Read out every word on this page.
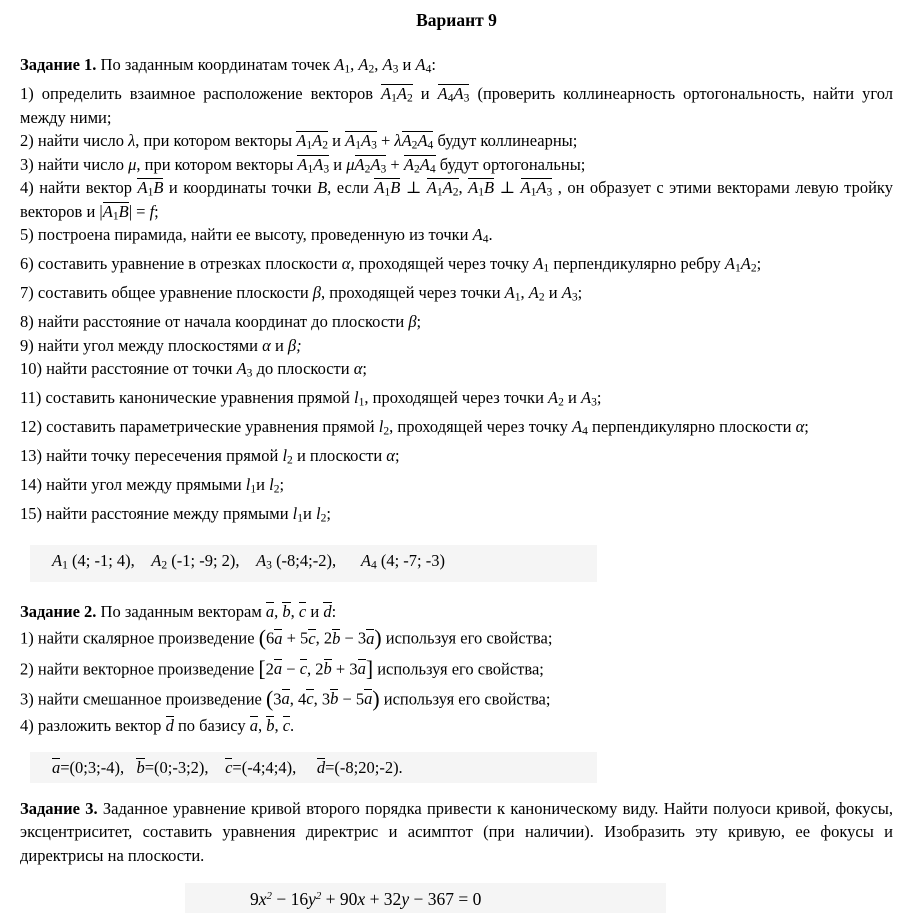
Вариант 9

Задание 1. По заданным координатам точек A1, A2, A3 и A4:

1) определить взаимное расположение векторов A1A2 и A4A3 (проверить коллинеарность ортогональность, найти угол между ними;

2) найти число λ, при котором векторы A1A2 и A1A3 + λA2A4 будут коллинеарны;

3) найти число μ, при котором векторы A1A3 и μA2A3 + A2A4 будут ортогональны;

4) найти вектор A1B и координаты точки B, если A1B ⊥ A1A2, A1B ⊥ A1A3 , он образует с этими векторами левую тройку векторов и |A1B| = f;

5) построена пирамида, найти ее высоту, проведенную из точки A4.

6) составить уравнение в отрезках плоскости α, проходящей через точку A1 перпендикулярно ребру A1A2;

7) составить общее уравнение плоскости β, проходящей через точки A1, A2 и A3;

8) найти расстояние от начала координат до плоскости β;

9) найти угол между плоскостями α и β;

10) найти расстояние от точки A3 до плоскости α;

11) составить канонические уравнения прямой l1, проходящей через точки A2 и A3;

12) составить параметрические уравнения прямой l2, проходящей через точку A4 перпендикулярно плоскости α;

13) найти точку пересечения прямой l2 и плоскости α;

14) найти угол между прямыми l1и l2;

15) найти расстояние между прямыми l1и l2;

A1 (4; -1; 4),    A2 (-1; -9; 2),    A3 (-8;4;-2),      A4 (4; -7; -3)

Задание 2. По заданным векторам a, b, c и d:

1) найти скалярное произведение (6a + 5c, 2b − 3a) используя его свойства;

2) найти векторное произведение [2a − c, 2b + 3a] используя его свойства;

3) найти смешанное произведение (3a, 4c, 3b − 5a) используя его свойства;

4) разложить вектор d по базису a, b, c.

a=(0;3;-4),   b=(0;-3;2),    c=(-4;4;4),     d=(-8;20;-2).

Задание 3. Заданное уравнение кривой второго порядка привести к каноническому виду. Найти полуоси кривой, фокусы, эксцентриситет, составить уравнения директрис и асимптот (при наличии). Изобразить эту кривую, ее фокусы и директрисы на плоскости.

$9x^2 - 16y^2 + 90x + 32y - 367 = 0$
